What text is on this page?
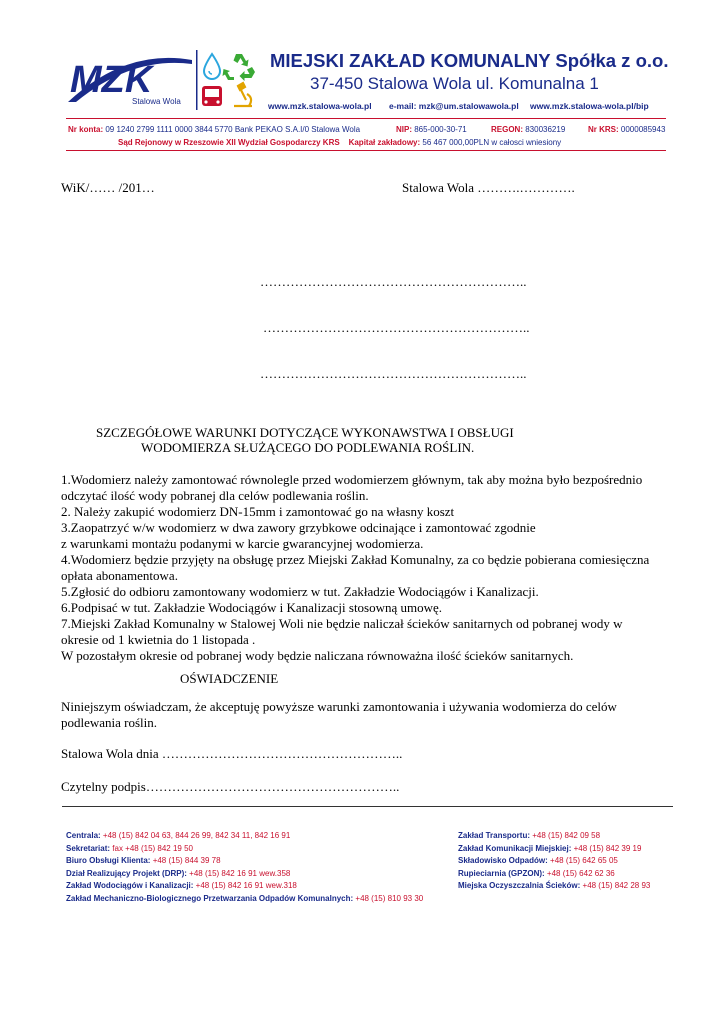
MZK
Stalowa Wola
MIEJSKI ZAKŁAD KOMUNALNY Spółka z o.o.
37-450 Stalowa Wola ul. Komunalna 1
www.mzk.stalowa-wola.pl e-mail: mzk@um.stalowawola.pl www.mzk.stalowa-wola.pl/bip
Nr konta: 09 1240 2799 1111 0000 3844 5770 Bank PEKAO S.A.I/0 Stalowa Wola	NIP: 865-000-30-71	REGON: 830036219	Nr KRS: 0000085943
Sąd Rejonowy w Rzeszowie XII Wydział Gospodarczy KRS Kapitał zakładowy: 56 467 000,00PLN w całosci wniesiony
WiK/…… /201…	Stalowa Wola ……….………….
……………………………………………………..
……………………………………………………..
……………………………………………………..
SZCZEGÓŁOWE WARUNKI DOTYCZĄCE WYKONAWSTWA I OBSŁUGI
WODOMIERZA SŁUŻĄCEGO DO PODLEWANIA ROŚLIN.
1.Wodomierz należy zamontować równolegle przed wodomierzem głównym, tak aby można było bezpośrednio
odczytać ilość wody pobranej dla celów podlewania roślin.
2. Należy zakupić wodomierz DN-15mm i zamontować go na własny koszt
3.Zaopatrzyć w/w wodomierz w dwa zawory grzybkowe odcinające i zamontować zgodnie
z warunkami montażu podanymi w karcie gwarancyjnej wodomierza.
4.Wodomierz będzie przyjęty na obsługę przez Miejski Zakład Komunalny, za co będzie pobierana comiesięczna
opłata abonamentowa.
5.Zgłosić do odbioru zamontowany wodomierz w tut. Zakładzie Wodociągów i Kanalizacji.
6.Podpisać w tut. Zakładzie Wodociągów i Kanalizacji stosowną umowę.
7.Miejski Zakład Komunalny w Stalowej Woli nie będzie naliczał ścieków sanitarnych od pobranej wody w
okresie od 1 kwietnia do 1 listopada .
W pozostałym okresie od pobranej wody będzie naliczana równoważna ilość ścieków sanitarnych.
OŚWIADCZENIE
Niniejszym oświadczam, że akceptuję powyższe warunki zamontowania i używania wodomierza do celów
podlewania roślin.
Stalowa Wola dnia ………………………………………………..
Czytelny podpis…………………………………………………..
Centrala: +48 (15) 842 04 63, 844 26 99, 842 34 11, 842 16 91
Sekretariat: fax +48 (15) 842 19 50
Biuro Obsługi Klienta: +48 (15) 844 39 78
Dział Realizujący Projekt (DRP): +48 (15) 842 16 91 wew.358
Zakład Wodociągów i Kanalizacji: +48 (15) 842 16 91 wew.318
Zakład Mechaniczno-Biologicznego Przetwarzania Odpadów Komunalnych: +48 (15) 810 93 30
Zakład Transportu: +48 (15) 842 09 58
Zakład Komunikacji Miejskiej: +48 (15) 842 39 19
Składowisko Odpadów: +48 (15) 642 65 05
Rupieciarnia (GPZON): +48 (15) 642 62 36
Miejska Oczyszczalnia Ścieków: +48 (15) 842 28 93
